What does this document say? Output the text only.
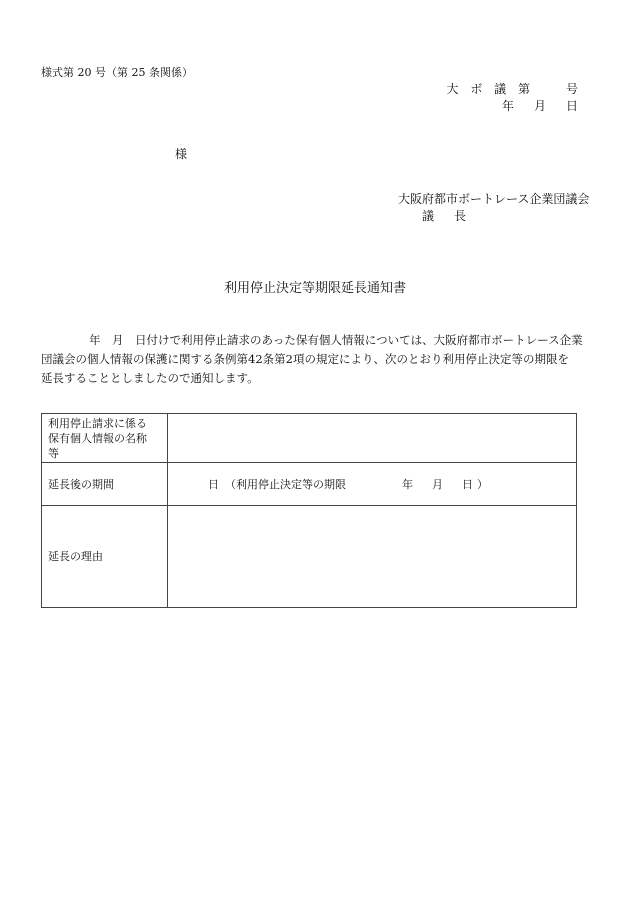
様式第 20 号（第 25 条関係）
大 ボ 議 第　　号
年　月　日
様
大阪府都市ボートレース企業団議会
議　長
利用停止決定等期限延長通知書

年　月　日付けで利用停止請求のあった保有個人情報については、大阪府都市ボートレース企業

団議会の個人情報の保護に関する条例第42条第2項の規定により、次のとおり利用停止決定等の期限を

延長することとしましたので通知します。

利用停止請求に係る
保有個人情報の名称
等	

延長後の期間	日 （利用停止決定等の期限 年　月　日）

延長の理由	
